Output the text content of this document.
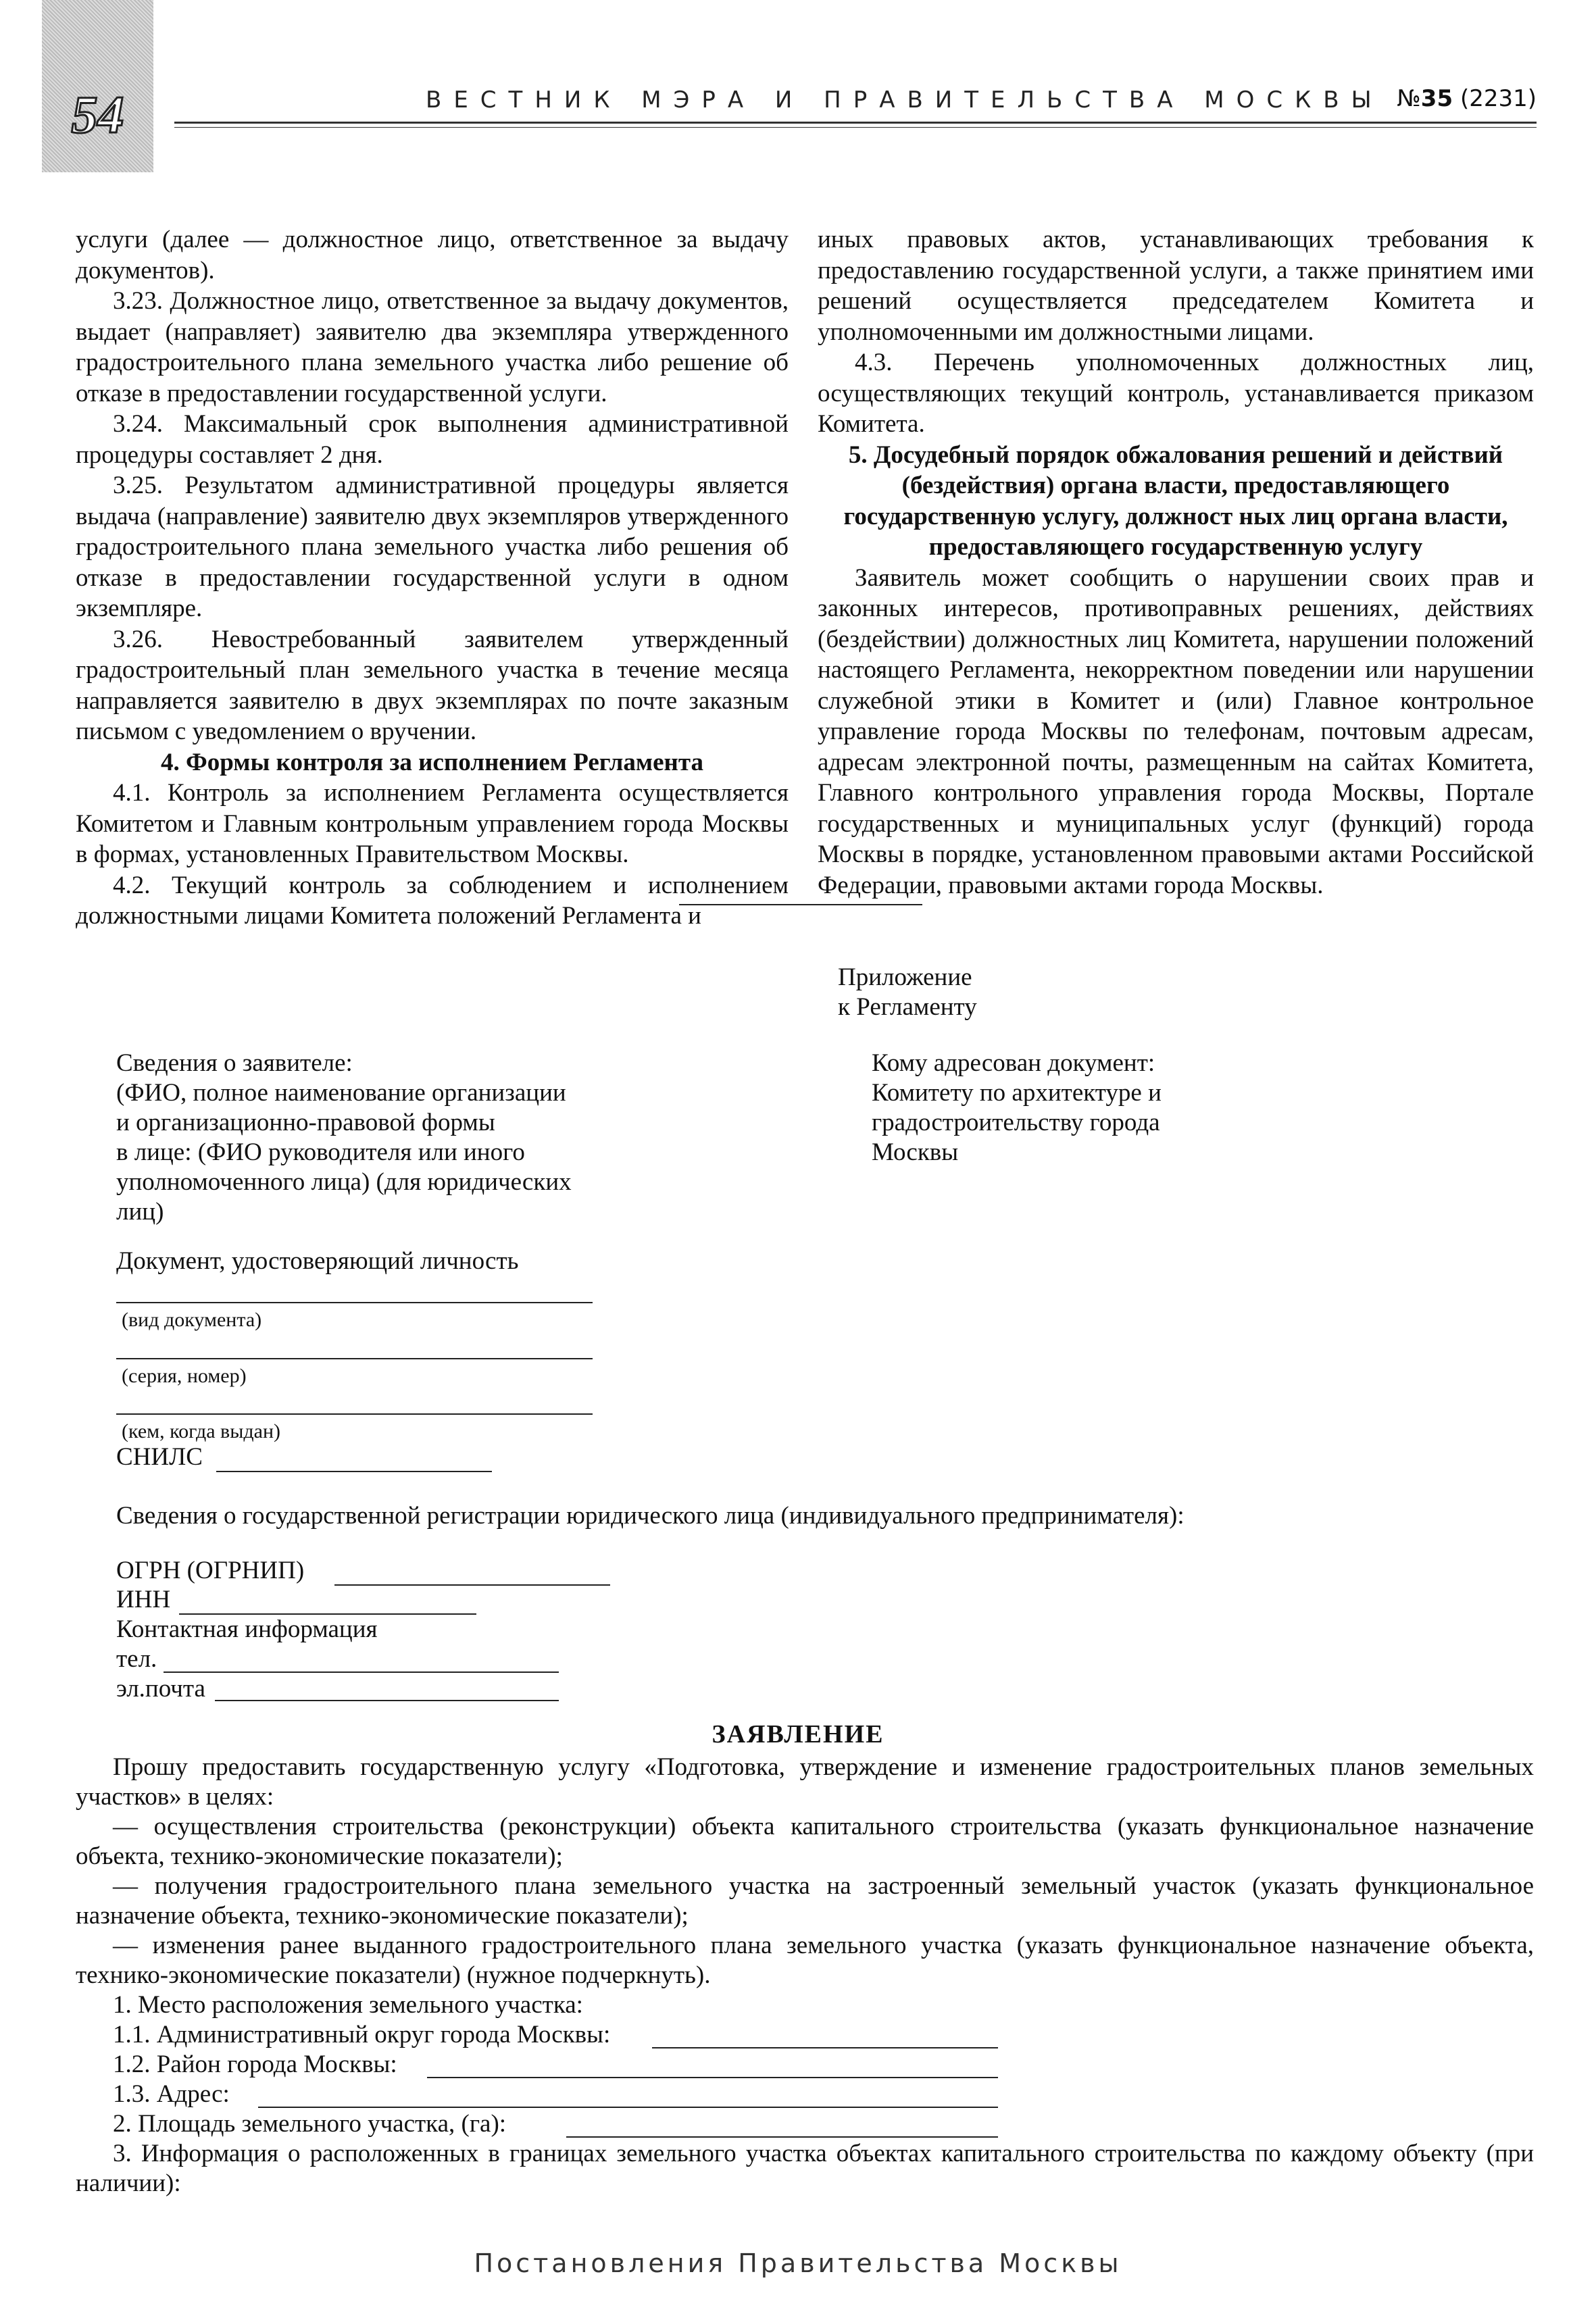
54	ВЕСТНИК МЭРА И ПРАВИТЕЛЬСТВА МОСКВЫ №35 (2231)

услуги (далее — должностное лицо, ответственное за выдачу документов).

3.23. Должностное лицо, ответственное за выдачу документов, выдает (направляет) заявителю два экземпляра утвержденного градостроительного плана земельного участка либо решение об отказе в предоставлении государственной услуги.

3.24. Максимальный срок выполнения административной процедуры составляет 2 дня.

3.25. Результатом административной процедуры является выдача (направление) заявителю двух экземпляров утвержденного градостроительного плана земельного участка либо решения об отказе в предоставлении государственной услуги в одном экземпляре.

3.26. Невостребованный заявителем утвержденный градостроительный план земельного участка в течение месяца направляется заявителю в двух экземплярах по почте заказным письмом с уведомлением о вручении.

4. Формы контроля за исполнением Регламента

4.1. Контроль за исполнением Регламента осуществляется Комитетом и Главным контрольным управлением города Москвы в формах, установленных Правительством Москвы.

4.2. Текущий контроль за соблюдением и исполнением должностными лицами Комитета положений Регламента и

иных правовых актов, устанавливающих требования к предоставлению государственной услуги, а также принятием ими решений осуществляется председателем Комитета и уполномоченными им должностными лицами.

4.3. Перечень уполномоченных должностных лиц, осуществляющих текущий контроль, устанавливается приказом Комитета.

5. Досудебный порядок обжалования решений и действий (бездействия) органа власти, предоставляющего государственную услугу, должност ных лиц органа власти, предоставляющего государственную услугу

Заявитель может сообщить о нарушении своих прав и законных интересов, противоправных решениях, действиях (бездействии) должностных лиц Комитета, нарушении положений настоящего Регламента, некорректном поведении или нарушении служебной этики в Комитет и (или) Главное контрольное управление города Москвы по телефонам, почтовым адресам, адресам электронной почты, размещенным на сайтах Комитета, Главного контрольного управления города Москвы, Портале государственных и муниципальных услуг (функций) города Москвы в порядке, установленном правовыми актами Российской Федерации, правовыми актами города Москвы.

Приложение
к Регламенту
Сведения о заявителе:
(ФИО, полное наименование организации
и организационно-правовой формы
в лице: (ФИО руководителя или иного
уполномоченного лица) (для юридических
лиц)
Кому адресован документ:
Комитету по архитектуре и
градостроительству города
Москвы
Документ, удостоверяющий личность
(вид документа)
(серия, номер)
(кем, когда выдан)
СНИЛС
Сведения о государственной регистрации юридического лица (индивидуального предпринимателя):
ОГРН (ОГРНИП)
ИНН
Контактная информация
тел.
эл.почта
ЗАЯВЛЕНИЕ
Прошу предоставить государственную услугу «Подготовка, утверждение и изменение градостроительных планов земельных участков» в целях:
— осуществления строительства (реконструкции) объекта капитального строительства (указать функциональное назначение объекта, технико-экономические показатели);
— получения градостроительного плана земельного участка на застроенный земельный участок (указать функциональное назначение объекта, технико-экономические показатели);
— изменения ранее выданного градостроительного плана земельного участка (указать функциональное назначение объекта, технико-экономические показатели) (нужное подчеркнуть).
1. Место расположения земельного участка:
1.1. Административный округ города Москвы:
1.2. Район города Москвы:
1.3. Адрес:
2. Площадь земельного участка, (га):
3. Информация о расположенных в границах земельного участка объектах капитального строительства по каждому объекту (при наличии):
Постановления Правительства Москвы
